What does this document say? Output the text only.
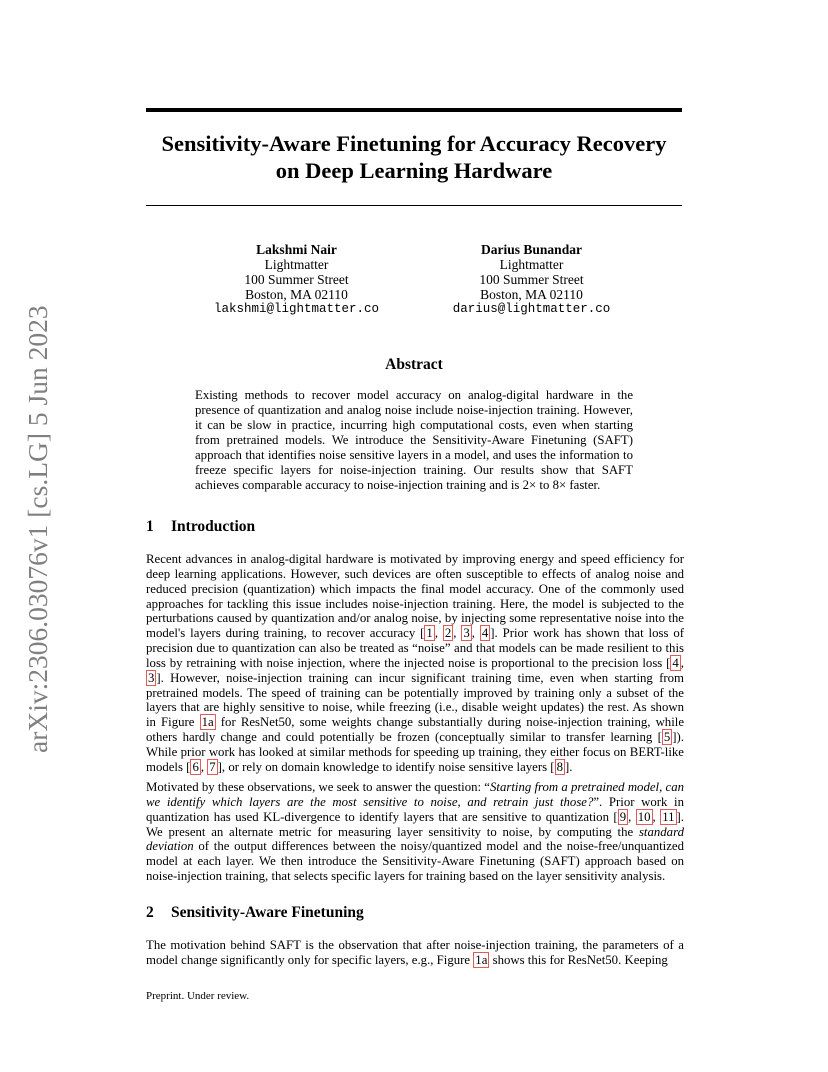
arXiv:2306.03076v1 [cs.LG] 5 Jun 2023
Sensitivity-Aware Finetuning for Accuracy Recovery
on Deep Learning Hardware
Lakshmi Nair
Lightmatter
100 Summer Street
Boston, MA 02110
lakshmi@lightmatter.co
Darius Bunandar
Lightmatter
100 Summer Street
Boston, MA 02110
darius@lightmatter.co
Abstract

Existing methods to recover model accuracy on analog-digital hardware in the presence of quantization and analog noise include noise-injection training. However, it can be slow in practice, incurring high computational costs, even when starting from pretrained models. We introduce the Sensitivity-Aware Finetuning (SAFT) approach that identifies noise sensitive layers in a model, and uses the information to freeze specific layers for noise-injection training. Our results show that SAFT achieves comparable accuracy to noise-injection training and is 2× to 8× faster.

1 Introduction

Recent advances in analog-digital hardware is motivated by improving energy and speed efficiency for deep learning applications. However, such devices are often susceptible to effects of analog noise and reduced precision (quantization) which impacts the final model accuracy. One of the commonly used approaches for tackling this issue includes noise-injection training. Here, the model is subjected to the perturbations caused by quantization and/or analog noise, by injecting some representative noise into the model's layers during training, to recover accuracy [ 1 , 2 , 3 , 4 ]. Prior work has shown that loss of precision due to quantization can also be treated as “noise” and that models can be made resilient to this loss by retraining with noise injection, where the injected noise is proportional to the precision loss [ 4 , 3 ]. However, noise-injection training can incur significant training time, even when starting from pretrained models. The speed of training can be potentially improved by training only a subset of the layers that are highly sensitive to noise, while freezing (i.e., disable weight updates) the rest. As shown in Figure 1a for ResNet50, some weights change substantially during noise-injection training, while others hardly change and could potentially be frozen (conceptually similar to transfer learning [ 5 ]). While prior work has looked at similar methods for speeding up training, they either focus on BERT-like models [ 6 , 7 ], or rely on domain knowledge to identify noise sensitive layers [ 8 ].

Motivated by these observations, we seek to answer the question: “Starting from a pretrained model, can we identify which layers are the most sensitive to noise, and retrain just those?”. Prior work in quantization has used KL-divergence to identify layers that are sensitive to quantization [ 9 , 10 , 11 ]. We present an alternate metric for measuring layer sensitivity to noise, by computing the standard deviation of the output differences between the noisy/quantized model and the noise-free/unquantized model at each layer. We then introduce the Sensitivity-Aware Finetuning (SAFT) approach based on noise-injection training, that selects specific layers for training based on the layer sensitivity analysis.

2 Sensitivity-Aware Finetuning

The motivation behind SAFT is the observation that after noise-injection training, the parameters of a model change significantly only for specific layers, e.g., Figure 1a shows this for ResNet50. Keeping

Preprint. Under review.
